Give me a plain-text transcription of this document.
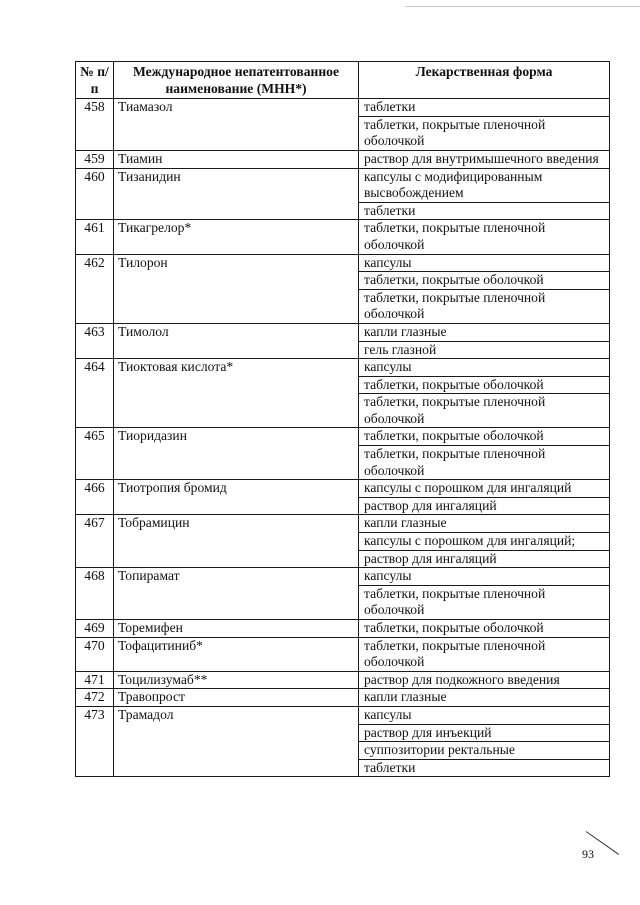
№ п/п	Международное непатентованное наименование (МНН*)	Лекарственная форма
458	Тиамазол	таблетки
		таблетки, покрытые пленочной оболочкой
459	Тиамин	раствор для внутримышечного введения
460	Тизанидин	капсулы с модифицированным высвобождением
		таблетки
461	Тикагрелор*	таблетки, покрытые пленочной оболочкой
462	Тилорон	капсулы
		таблетки, покрытые оболочкой
		таблетки, покрытые пленочной оболочкой
463	Тимолол	капли глазные
		гель глазной
464	Тиоктовая кислота*	капсулы
		таблетки, покрытые оболочкой
		таблетки, покрытые пленочной оболочкой
465	Тиоридазин	таблетки, покрытые оболочкой
		таблетки, покрытые пленочной оболочкой
466	Тиотропия бромид	капсулы с порошком для ингаляций
		раствор для ингаляций
467	Тобрамицин	капли глазные
		капсулы с порошком для ингаляций;
		раствор для ингаляций
468	Топирамат	капсулы
		таблетки, покрытые пленочной оболочкой
469	Торемифен	таблетки, покрытые оболочкой
470	Тофацитиниб*	таблетки, покрытые пленочной оболочкой
471	Тоцилизумаб**	раствор для подкожного введения
472	Травопрост	капли глазные
473	Трамадол	капсулы
		раствор для инъекций
		суппозитории ректальные
		таблетки
93
